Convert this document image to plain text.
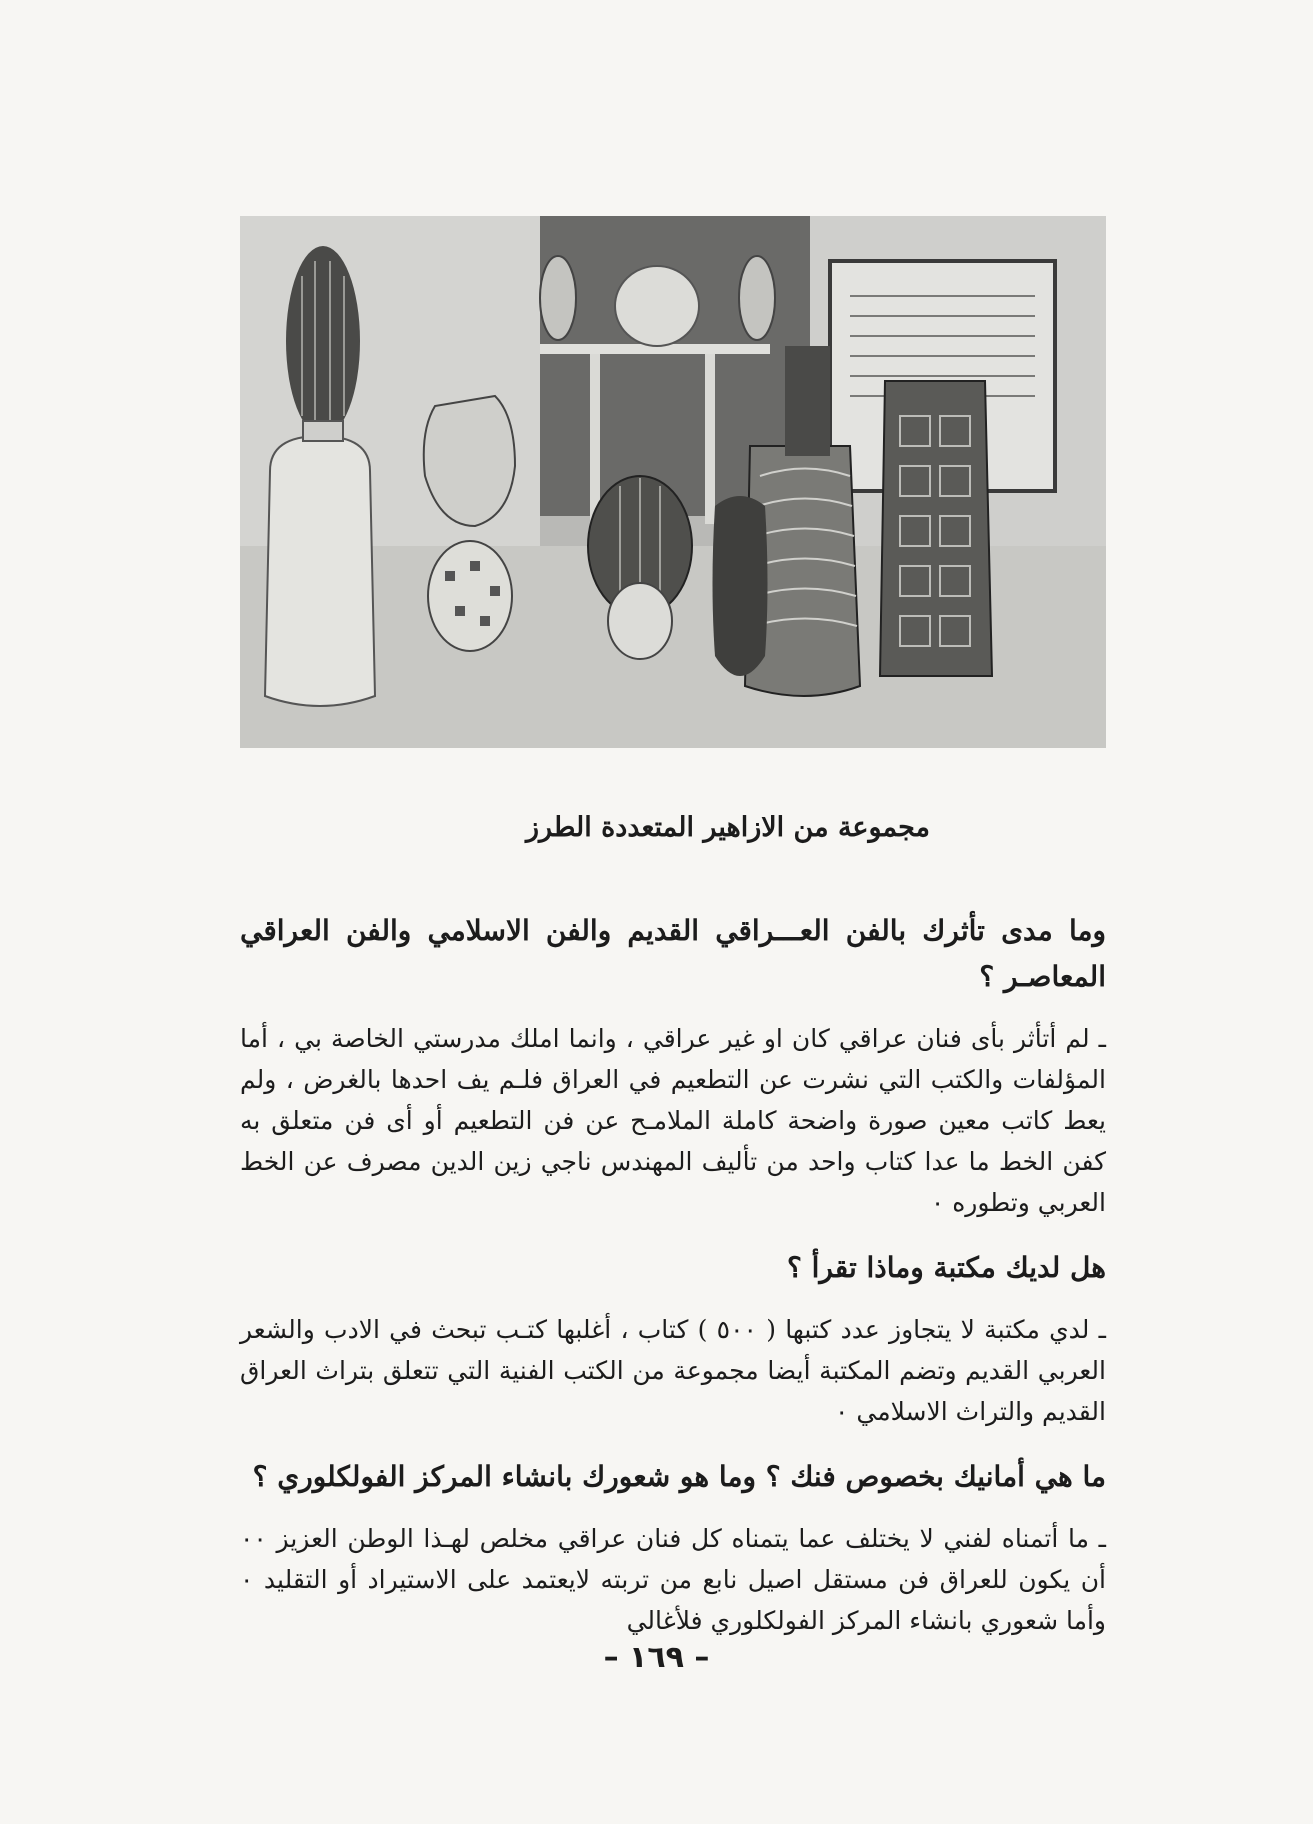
مجموعة من الازاهير المتعددة الطرز

وما مدى تأثرك بالفن العـــراقي القديم والفن الاسلامي والفن العراقي المعاصـر ؟

ـ لم أتأثر بأى فنان عراقي كان او غير عراقي ، وانما املك مدرستي الخاصة بي ، أما المؤلفات والكتب التي نشرت عن التطعيم في العراق فلـم يف احدها بالغرض ، ولم يعط كاتب معين صورة واضحة كاملة الملامـح عن فن التطعيم أو أى فن متعلق به كفن الخط ما عدا كتاب واحد من تأليف المهندس ناجي زين الدين مصرف عن الخط العربي وتطوره ٠

هل لديك مكتبة وماذا تقرأ ؟

ـ لدي مكتبة لا يتجاوز عدد كتبها ( ٥٠٠ ) كتاب ، أغلبها كتـب تبحث في الادب والشعر العربي القديم وتضم المكتبة أيضا مجموعة من الكتب الفنية التي تتعلق بتراث العراق القديم والتراث الاسلامي ٠

ما هي أمانيك بخصوص فنك ؟ وما هو شعورك بانشاء المركز الفولكلوري ؟

ـ ما أتمناه لفني لا يختلف عما يتمناه كل فنان عراقي مخلص لهـذا الوطن العزيز ٠٠ أن يكون للعراق فن مستقل اصيل نابع من تربته لايعتمد على الاستيراد أو التقليد ٠ وأما شعوري بانشاء المركز الفولكلوري فلأغالي

– ١٦٩ –
